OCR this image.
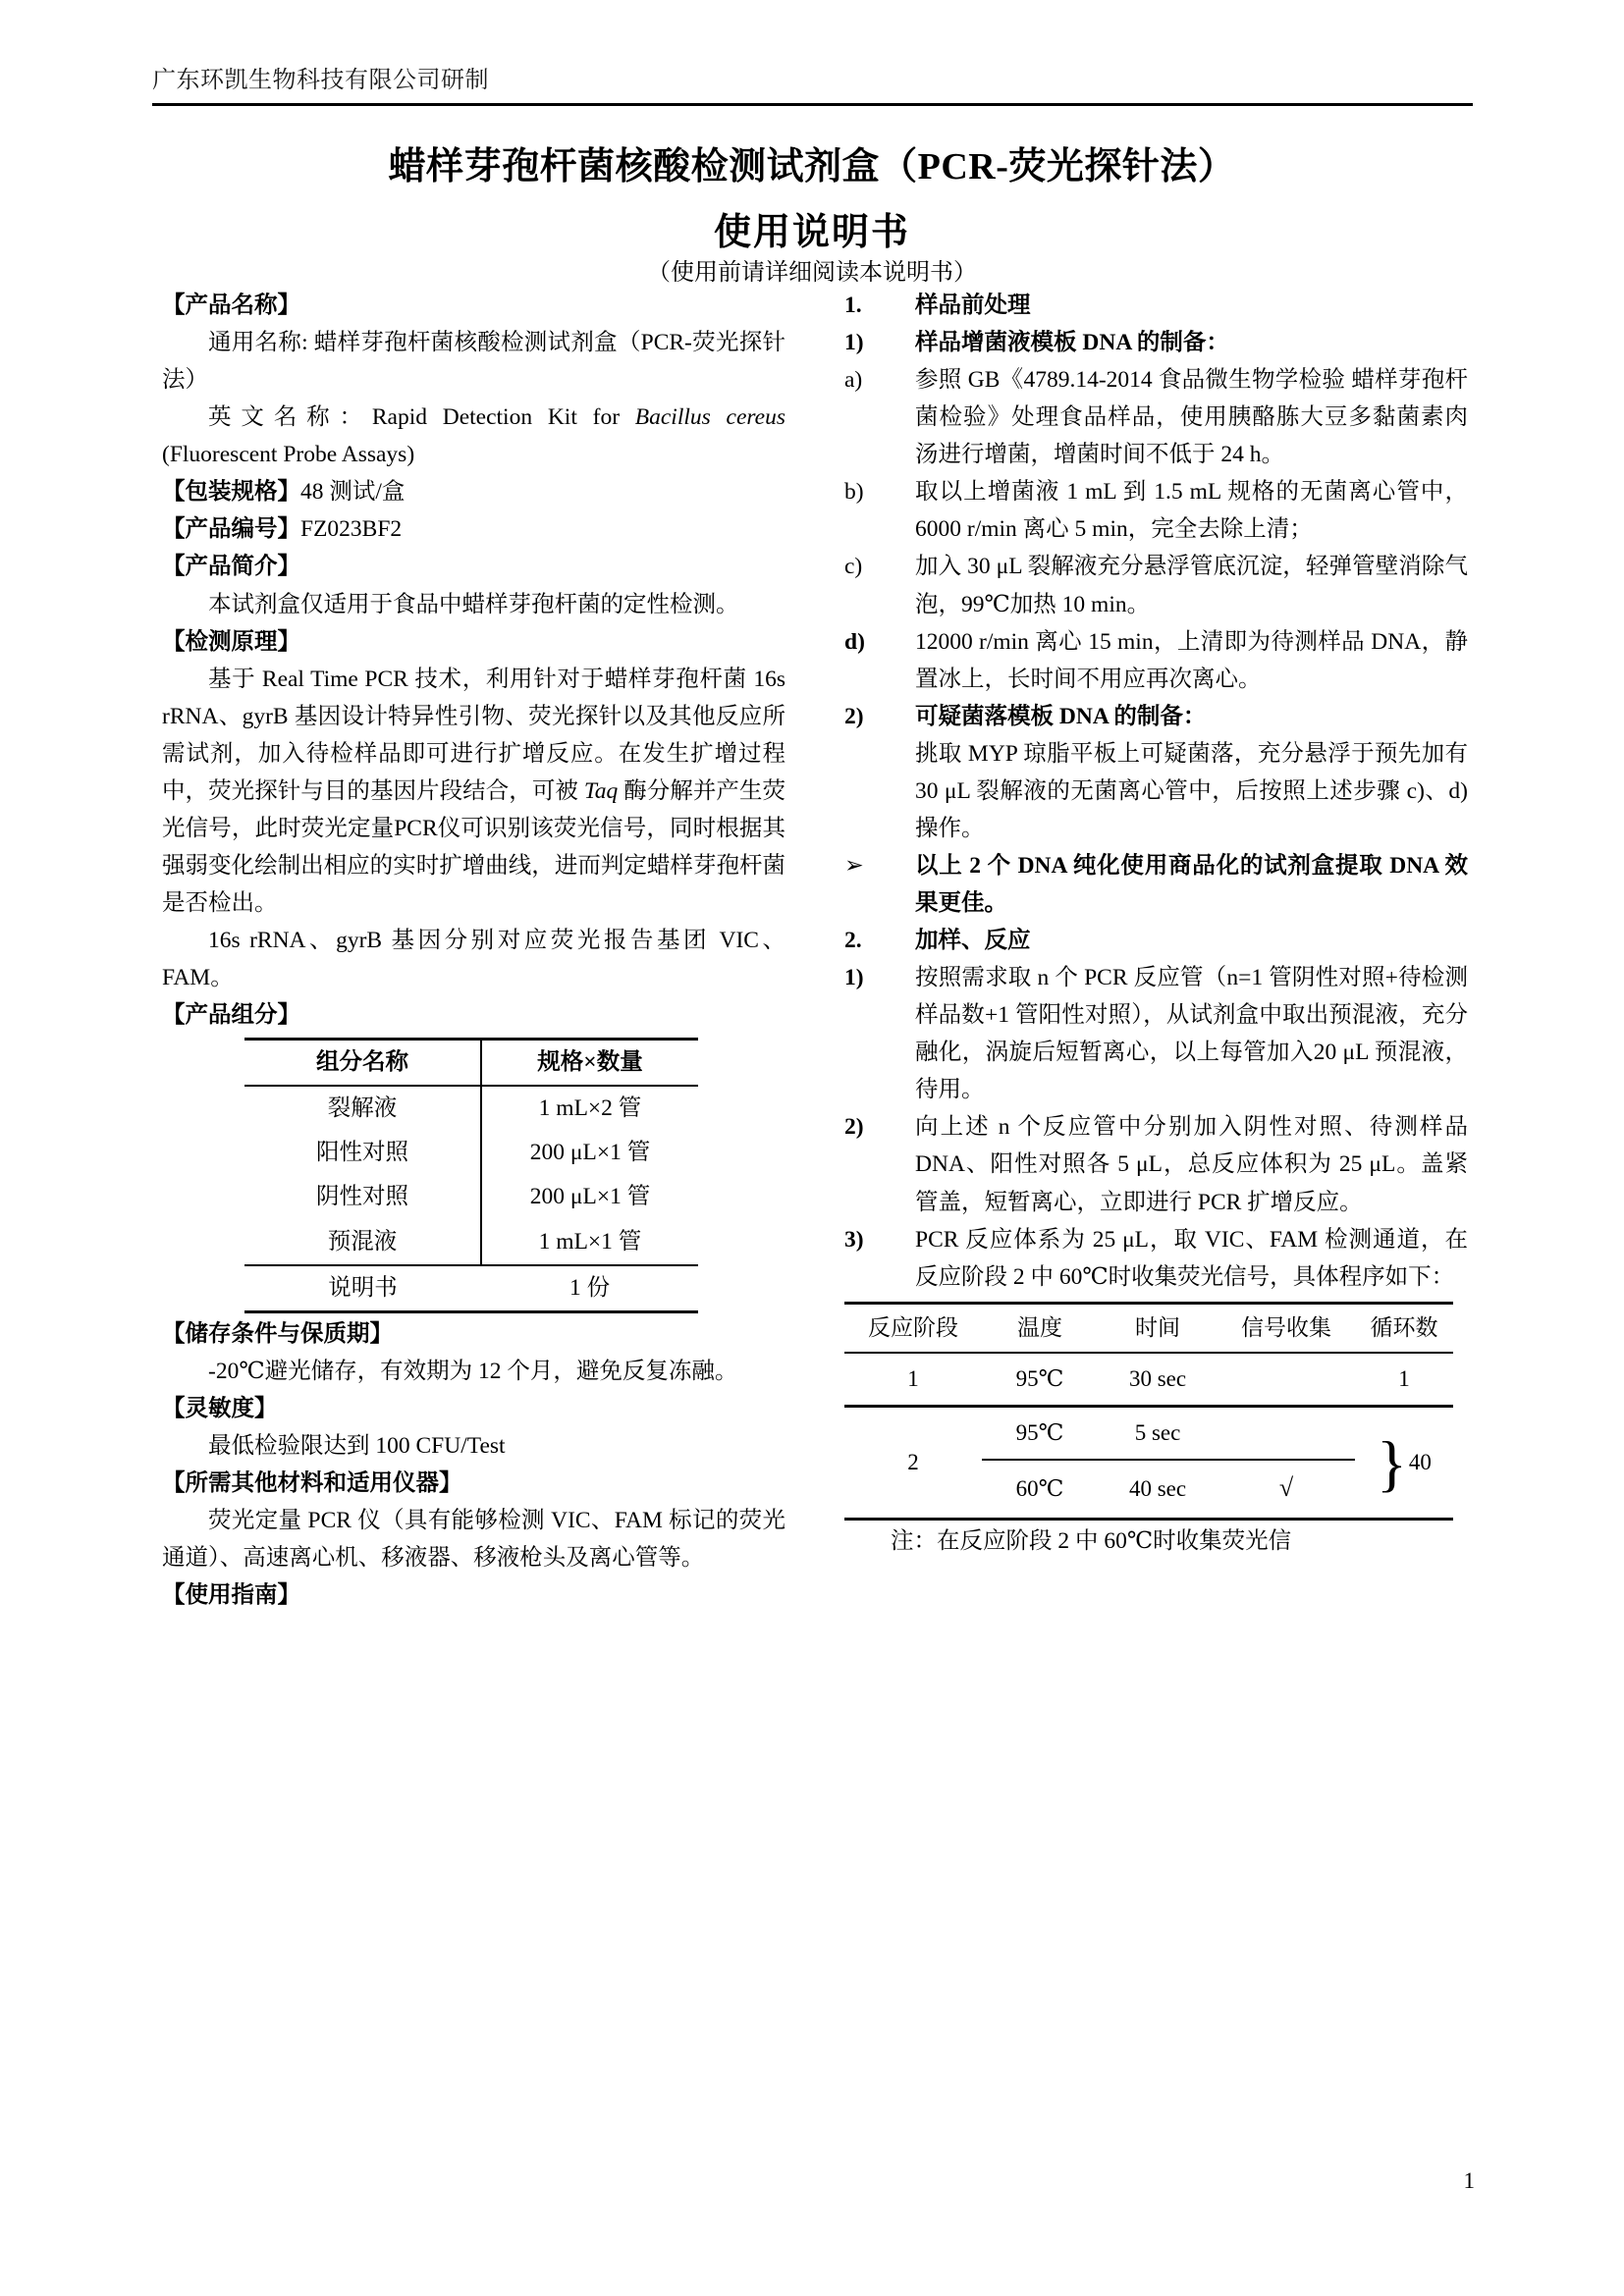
广东环凯生物科技有限公司研制
蜡样芽孢杆菌核酸检测试剂盒（PCR-荧光探针法）
使用说明书
（使用前请详细阅读本说明书）
【产品名称】
通用名称: 蜡样芽孢杆菌核酸检测试剂盒（PCR-荧光探针法）
英文名称：Rapid Detection Kit for Bacillus cereus (Fluorescent Probe Assays)
【包装规格】48 测试/盒
【产品编号】FZ023BF2
【产品简介】
本试剂盒仅适用于食品中蜡样芽孢杆菌的定性检测。
【检测原理】
基于 Real Time PCR 技术，利用针对于蜡样芽孢杆菌 16s rRNA、gyrB 基因设计特异性引物、荧光探针以及其他反应所需试剂，加入待检样品即可进行扩增反应。在发生扩增过程中，荧光探针与目的基因片段结合，可被 Taq 酶分解并产生荧光信号，此时荧光定量PCR仪可识别该荧光信号，同时根据其强弱变化绘制出相应的实时扩增曲线，进而判定蜡样芽孢杆菌是否检出。
16s rRNA、gyrB 基因分别对应荧光报告基团 VIC、FAM。
【产品组分】
组分名称	规格×数量
裂解液	1 mL×2 管
阳性对照	200 μL×1 管
阴性对照	200 μL×1 管
预混液	1 mL×1 管
说明书	1 份
【储存条件与保质期】
-20℃避光储存，有效期为 12 个月，避免反复冻融。
【灵敏度】
最低检验限达到 100 CFU/Test
【所需其他材料和适用仪器】
荧光定量 PCR 仪（具有能够检测 VIC、FAM 标记的荧光通道）、高速离心机、移液器、移液枪头及离心管等。
【使用指南】
1.	样品前处理
1)	样品增菌液模板 DNA 的制备：
a)	参照 GB《4789.14-2014 食品微生物学检验 蜡样芽孢杆菌检验》处理食品样品，使用胰酪胨大豆多黏菌素肉汤进行增菌，增菌时间不低于 24 h。
b)	取以上增菌液 1 mL 到 1.5 mL 规格的无菌离心管中，6000 r/min 离心 5 min，完全去除上清；
c)	加入 30 μL 裂解液充分悬浮管底沉淀，轻弹管壁消除气泡，99℃加热 10 min。
d)	12000 r/min 离心 15 min，上清即为待测样品 DNA，静置冰上，长时间不用应再次离心。
2)	可疑菌落模板 DNA 的制备：
挑取 MYP 琼脂平板上可疑菌落，充分悬浮于预先加有 30 μL 裂解液的无菌离心管中，后按照上述步骤 c)、d)操作。
➢	以上 2 个 DNA 纯化使用商品化的试剂盒提取 DNA 效果更佳。
2.	加样、反应
1)	按照需求取 n 个 PCR 反应管（n=1 管阴性对照+待检测样品数+1 管阳性对照），从试剂盒中取出预混液，充分融化，涡旋后短暂离心，以上每管加入20 μL 预混液，待用。
2)	向上述 n 个反应管中分别加入阴性对照、待测样品 DNA、阳性对照各 5 μL，总反应体积为 25 μL。盖紧管盖，短暂离心，立即进行 PCR 扩增反应。
3)	PCR 反应体系为 25 μL，取 VIC、FAM 检测通道，在反应阶段 2 中 60℃时收集荧光信号，具体程序如下：
反应阶段	温度	时间	信号收集	循环数
1	95℃	30 sec		1
2	95℃	5 sec		} 40

	60℃	40 sec	√	
注：在反应阶段 2 中 60℃时收集荧光信
1
